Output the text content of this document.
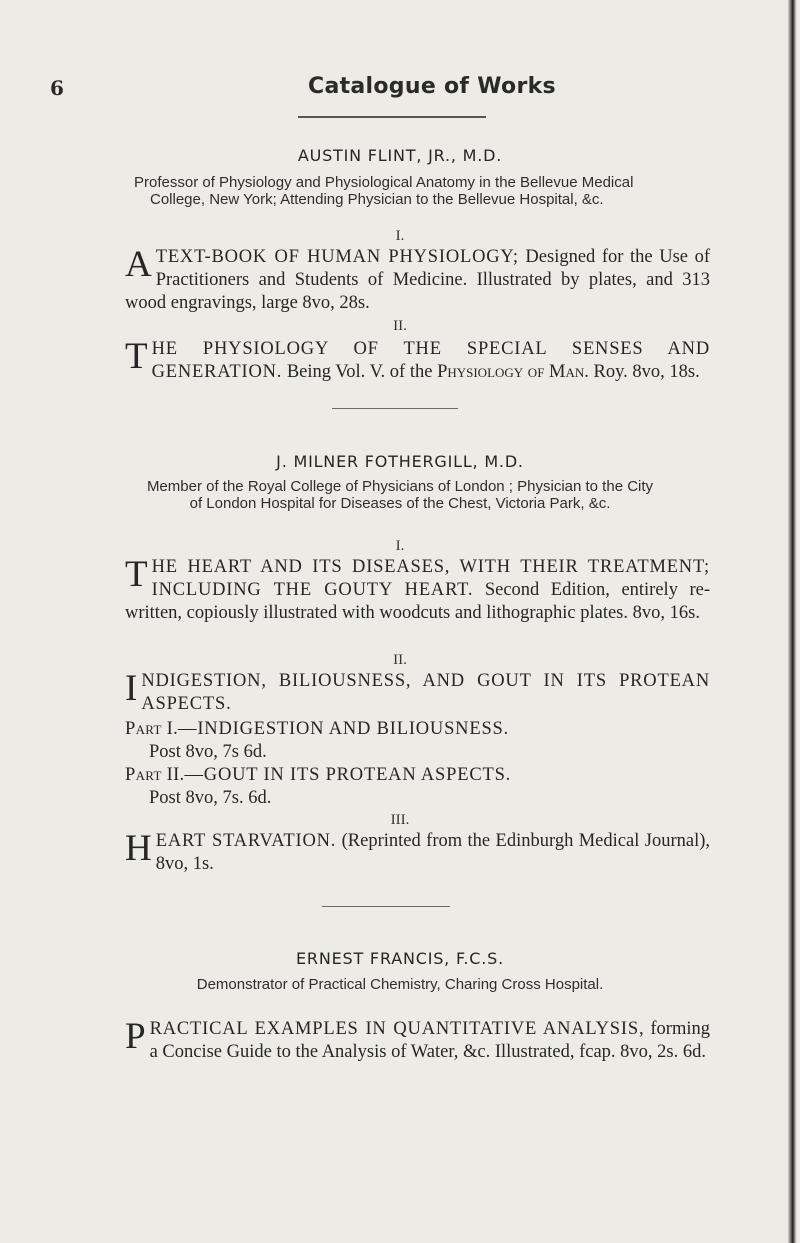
6	Catalogue of Works
AUSTIN FLINT, JR., M.D.
Professor of Physiology and Physiological Anatomy in the Bellevue Medical
College, New York; Attending Physician to the Bellevue Hospital, &c.
I.
A TEXT-BOOK OF HUMAN PHYSIOLOGY; Designed for the Use of Practitioners and Students of Medicine. Illustrated by plates, and 313 wood engravings, large 8vo, 28s.
II.
T HE PHYSIOLOGY OF THE SPECIAL SENSES AND GENERATION. Being Vol. V. of the Physiology of Man. Roy. 8vo, 18s.
J. MILNER FOTHERGILL, M.D.
Member of the Royal College of Physicians of London ; Physician to the City
of London Hospital for Diseases of the Chest, Victoria Park, &c.
I.
T HE HEART AND ITS DISEASES, WITH THEIR TREATMENT; INCLUDING THE GOUTY HEART. Second Edition, entirely re-written, copiously illustrated with woodcuts and lithographic plates. 8vo, 16s.
II.
I NDIGESTION, BILIOUSNESS, AND GOUT IN ITS PROTEAN ASPECTS.
Part I.—INDIGESTION AND BILIOUSNESS.
Post 8vo, 7s 6d.
Part II.—GOUT IN ITS PROTEAN ASPECTS.
Post 8vo, 7s. 6d.
III.
H EART STARVATION. (Reprinted from the Edinburgh Medical Journal), 8vo, 1s.
ERNEST FRANCIS, F.C.S.
Demonstrator of Practical Chemistry, Charing Cross Hospital.
P RACTICAL EXAMPLES IN QUANTITATIVE ANALYSIS, forming a Concise Guide to the Analysis of Water, &c. Illustrated, fcap. 8vo, 2s. 6d.
